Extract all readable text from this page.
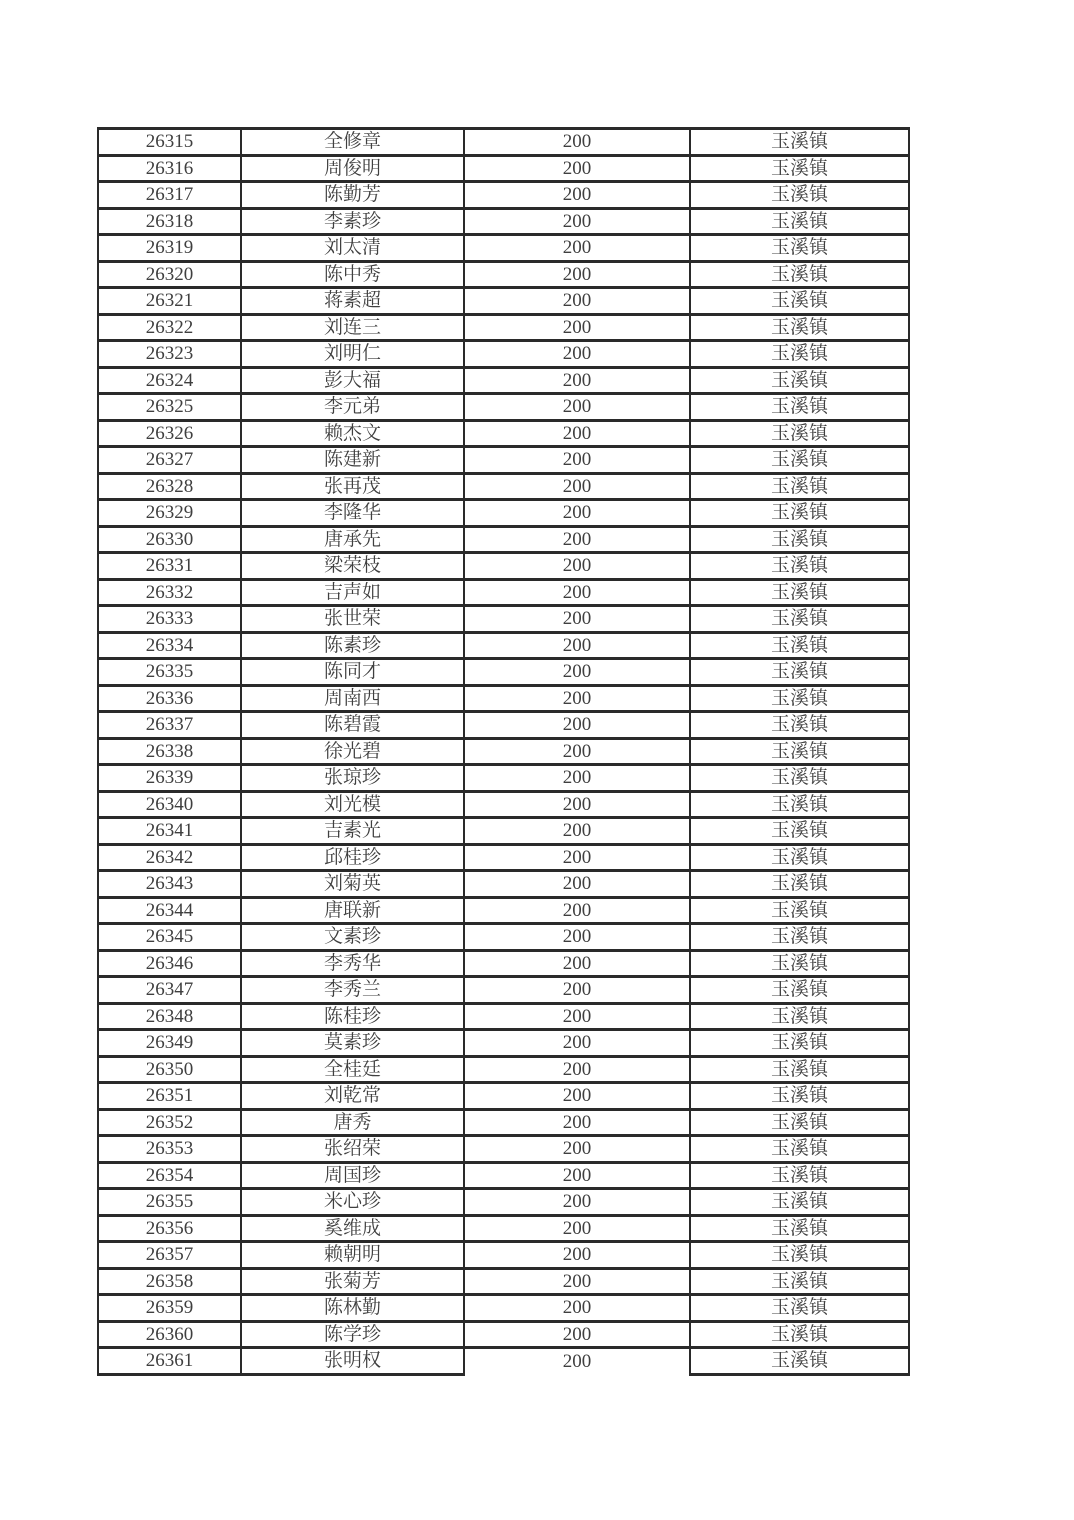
26315	全修章	200	玉溪镇
26316	周俊明	200	玉溪镇
26317	陈勤芳	200	玉溪镇
26318	李素珍	200	玉溪镇
26319	刘太清	200	玉溪镇
26320	陈中秀	200	玉溪镇
26321	蒋素超	200	玉溪镇
26322	刘连三	200	玉溪镇
26323	刘明仁	200	玉溪镇
26324	彭大福	200	玉溪镇
26325	李元弟	200	玉溪镇
26326	赖杰文	200	玉溪镇
26327	陈建新	200	玉溪镇
26328	张再茂	200	玉溪镇
26329	李隆华	200	玉溪镇
26330	唐承先	200	玉溪镇
26331	梁荣枝	200	玉溪镇
26332	吉声如	200	玉溪镇
26333	张世荣	200	玉溪镇
26334	陈素珍	200	玉溪镇
26335	陈同才	200	玉溪镇
26336	周南西	200	玉溪镇
26337	陈碧霞	200	玉溪镇
26338	徐光碧	200	玉溪镇
26339	张琼珍	200	玉溪镇
26340	刘光模	200	玉溪镇
26341	吉素光	200	玉溪镇
26342	邱桂珍	200	玉溪镇
26343	刘菊英	200	玉溪镇
26344	唐联新	200	玉溪镇
26345	文素珍	200	玉溪镇
26346	李秀华	200	玉溪镇
26347	李秀兰	200	玉溪镇
26348	陈桂珍	200	玉溪镇
26349	莫素珍	200	玉溪镇
26350	全桂廷	200	玉溪镇
26351	刘乾常	200	玉溪镇
26352	唐秀	200	玉溪镇
26353	张绍荣	200	玉溪镇
26354	周国珍	200	玉溪镇
26355	米心珍	200	玉溪镇
26356	奚维成	200	玉溪镇
26357	赖朝明	200	玉溪镇
26358	张菊芳	200	玉溪镇
26359	陈林勤	200	玉溪镇
26360	陈学珍	200	玉溪镇
26361	张明权	200	玉溪镇
